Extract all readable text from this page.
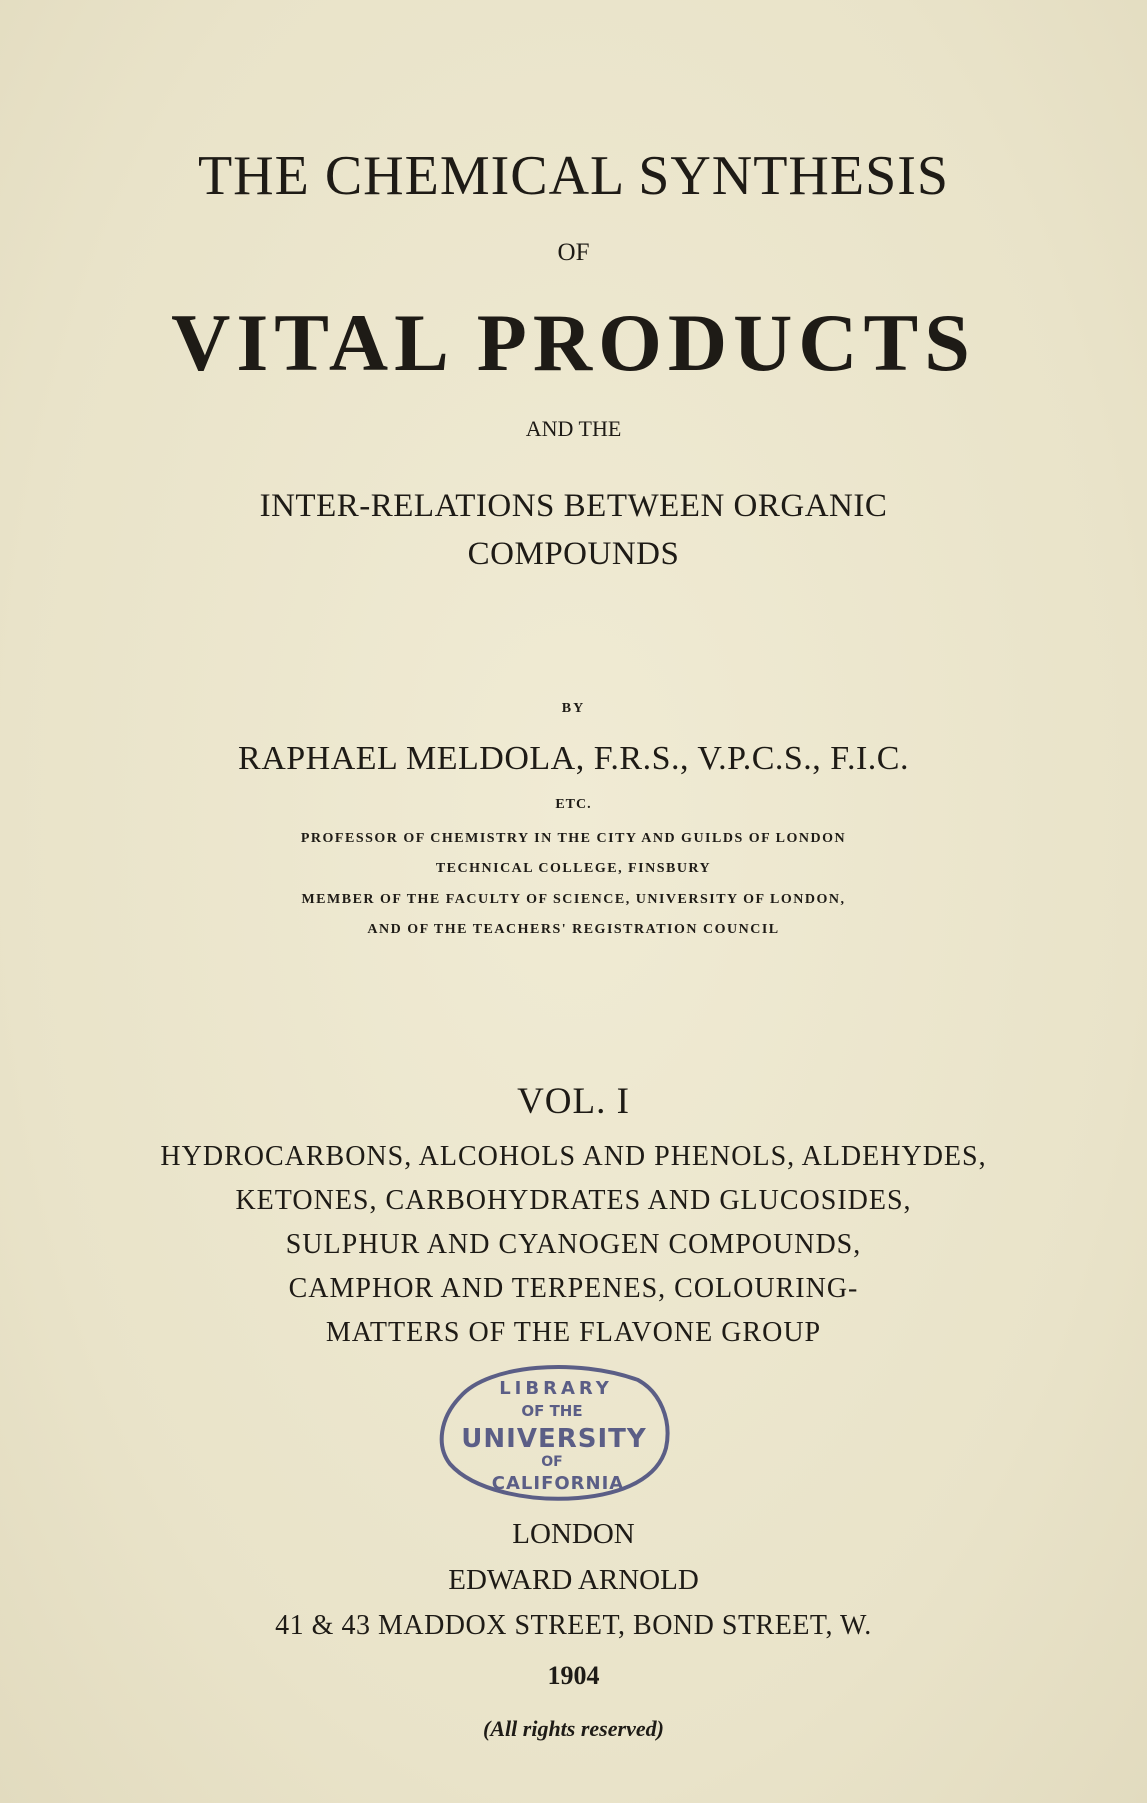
THE CHEMICAL SYNTHESIS
OF
VITAL PRODUCTS
AND THE
INTER-RELATIONS BETWEEN ORGANIC
COMPOUNDS
BY
RAPHAEL MELDOLA, F.R.S., V.P.C.S., F.I.C.
ETC.
PROFESSOR OF CHEMISTRY IN THE CITY AND GUILDS OF LONDON
TECHNICAL COLLEGE, FINSBURY
MEMBER OF THE FACULTY OF SCIENCE, UNIVERSITY OF LONDON,
AND OF THE TEACHERS' REGISTRATION COUNCIL
VOL. I
HYDROCARBONS, ALCOHOLS AND PHENOLS, ALDEHYDES,
KETONES, CARBOHYDRATES AND GLUCOSIDES,
SULPHUR AND CYANOGEN COMPOUNDS,
CAMPHOR AND TERPENES, COLOURING-
MATTERS OF THE FLAVONE GROUP
LIBRARY
OF THE
UNIVERSITY
OF
CALIFORNIA
LONDON
EDWARD ARNOLD
41 & 43 MADDOX STREET, BOND STREET, W.
1904
(All rights reserved)
